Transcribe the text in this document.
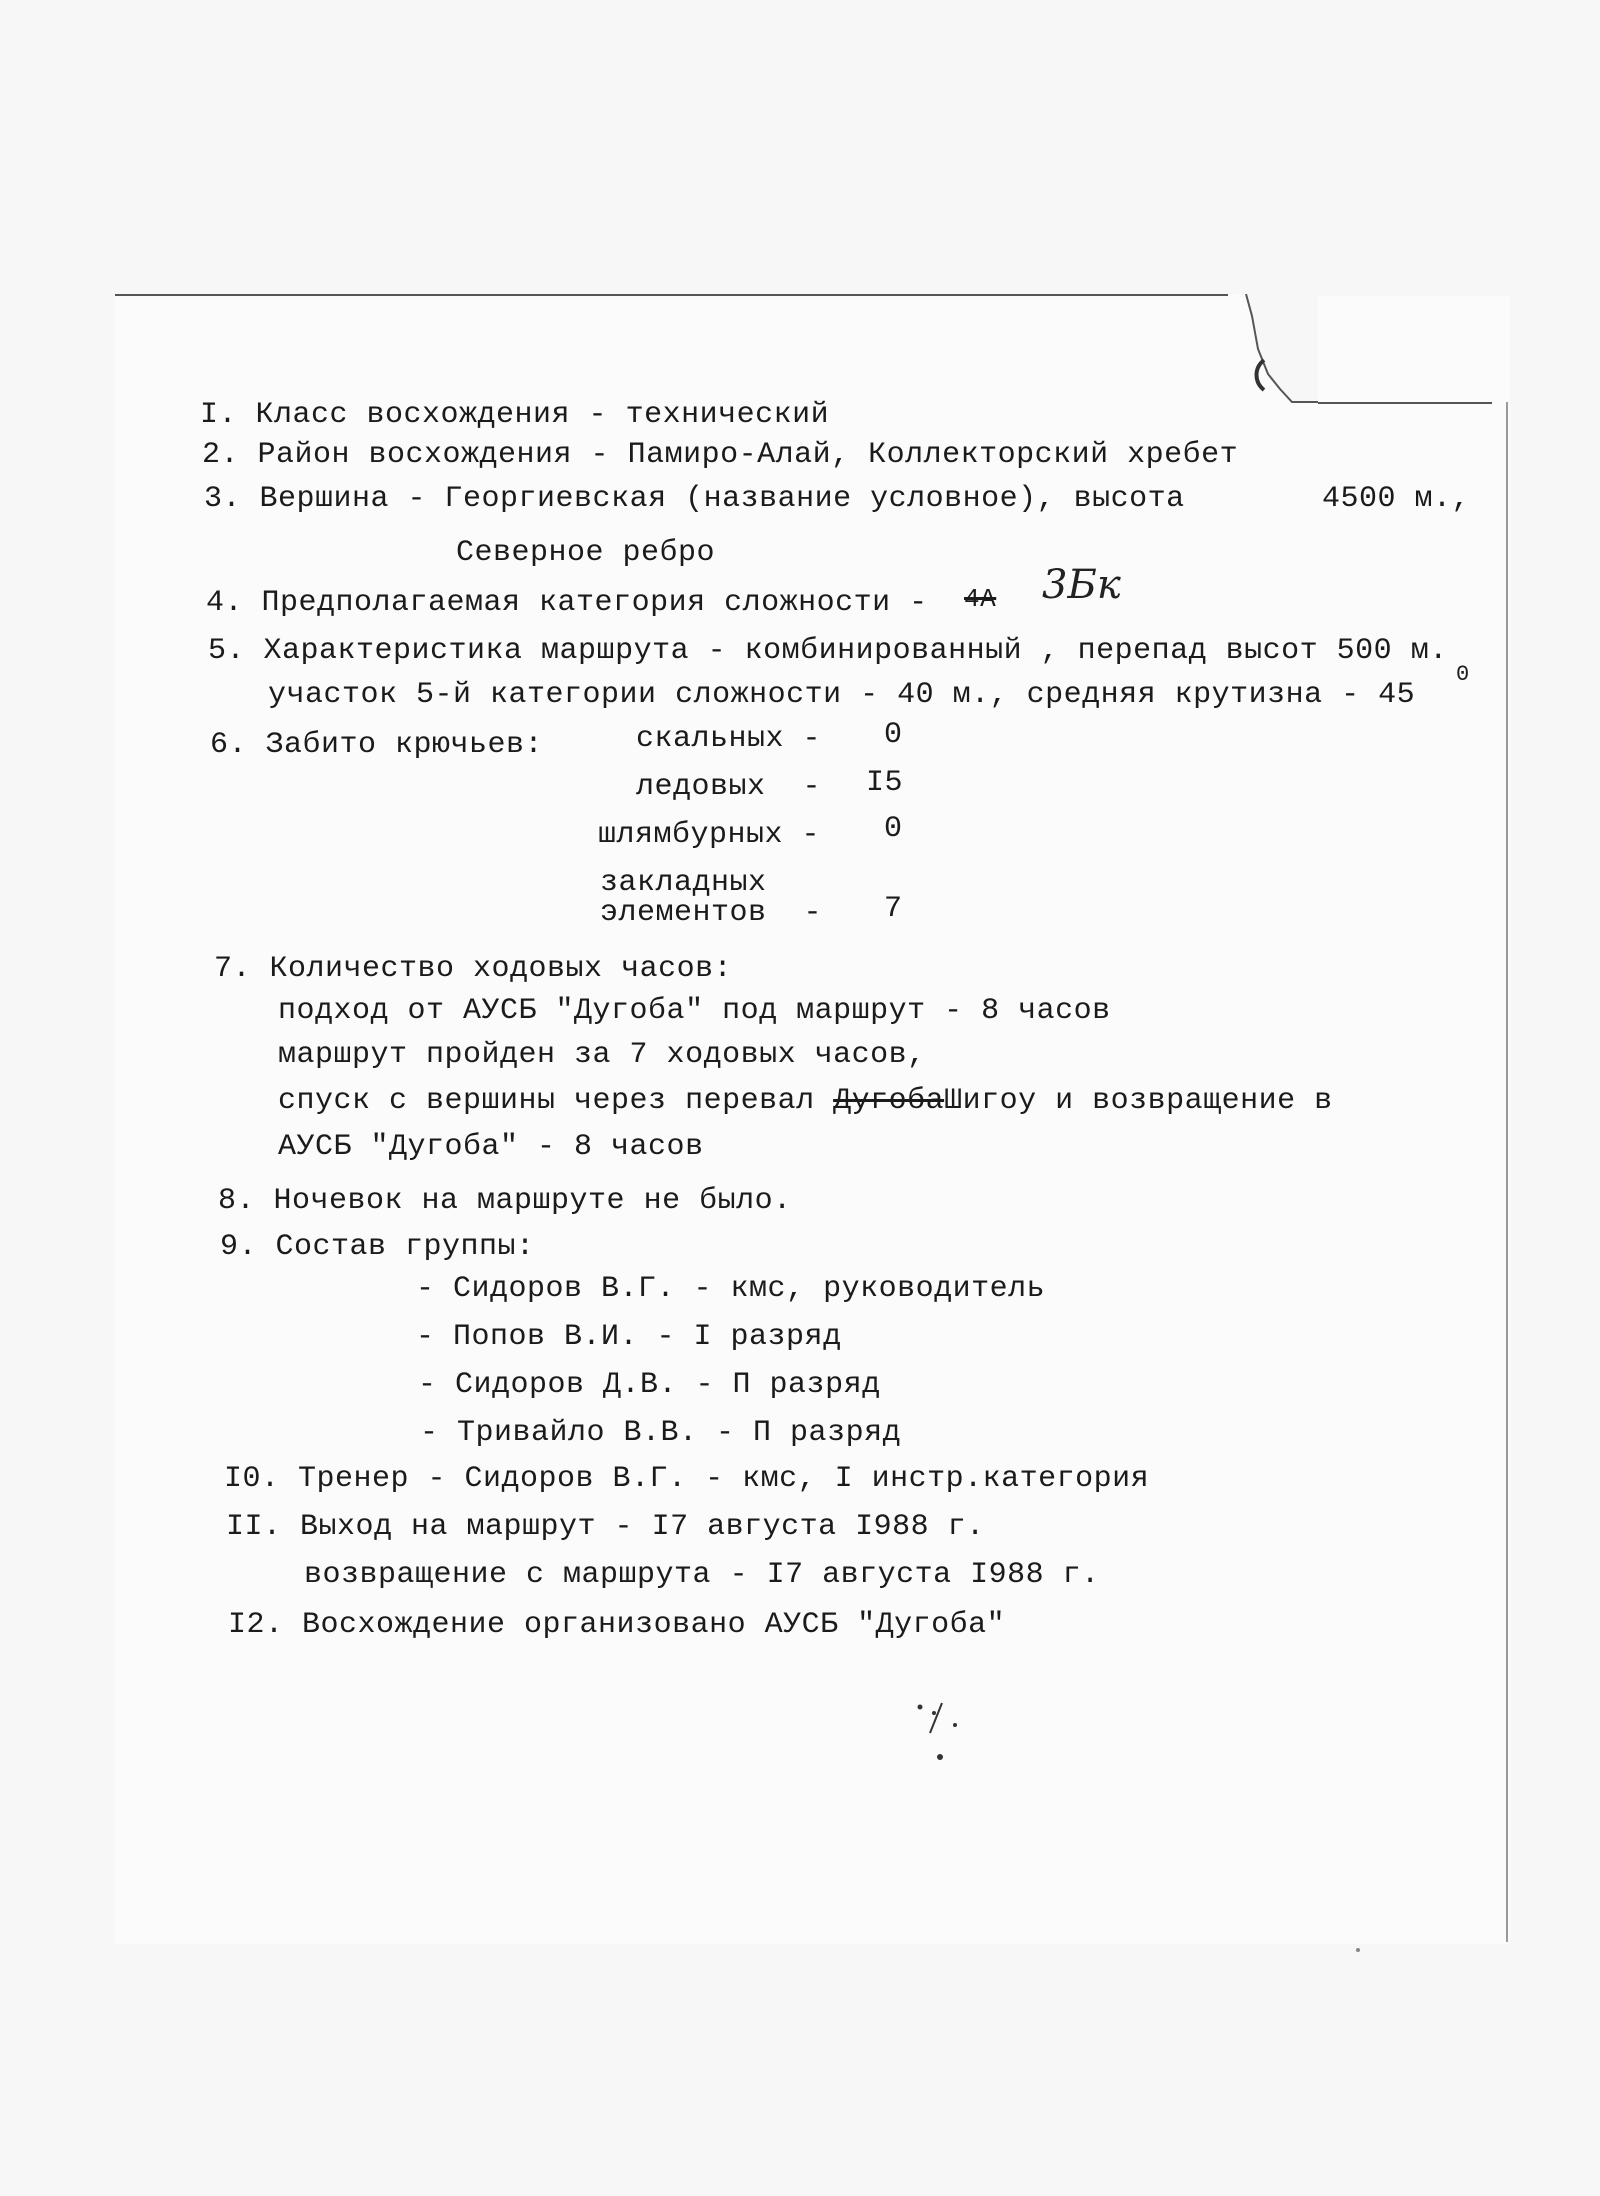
I. Класс восхождения - технический
2. Район восхождения - Памиро-Алай, Коллекторский хребет
3. Вершина - Георгиевская (название условное), высота	4500 м.,
Северное ребро
4. Предполагаемая категория сложности - 4А 3Бк
5. Характеристика маршрута - комбинированный , перепад высот 500 м.
участок 5-й категории сложности - 40 м., средняя крутизна - 45
0
6. Забито крючьев:	скальных - 0
ледовых  - I5
шлямбурных - 0
закладных
элементов  - 7
7. Количество ходовых часов:
подход от АУСБ "Дугоба" под маршрут - 8 часов
маршрут пройден за 7 ходовых часов,
спуск с вершины через перевал ДугобаШигоу и возвращение в
АУСБ "Дугоба" - 8 часов
8. Ночевок на маршруте не было.
9. Состав группы:
- Сидоров В.Г. - кмс, руководитель
- Попов В.И. - I разряд
- Сидоров Д.В. - П разряд
- Тривайло В.В. - П разряд
I0. Тренер - Сидоров В.Г. - кмс, I инстр.категория
II. Выход на маршрут - I7 августа I988 г.
возвращение с маршрута - I7 августа I988 г.
I2. Восхождение организовано АУСБ "Дугоба"
